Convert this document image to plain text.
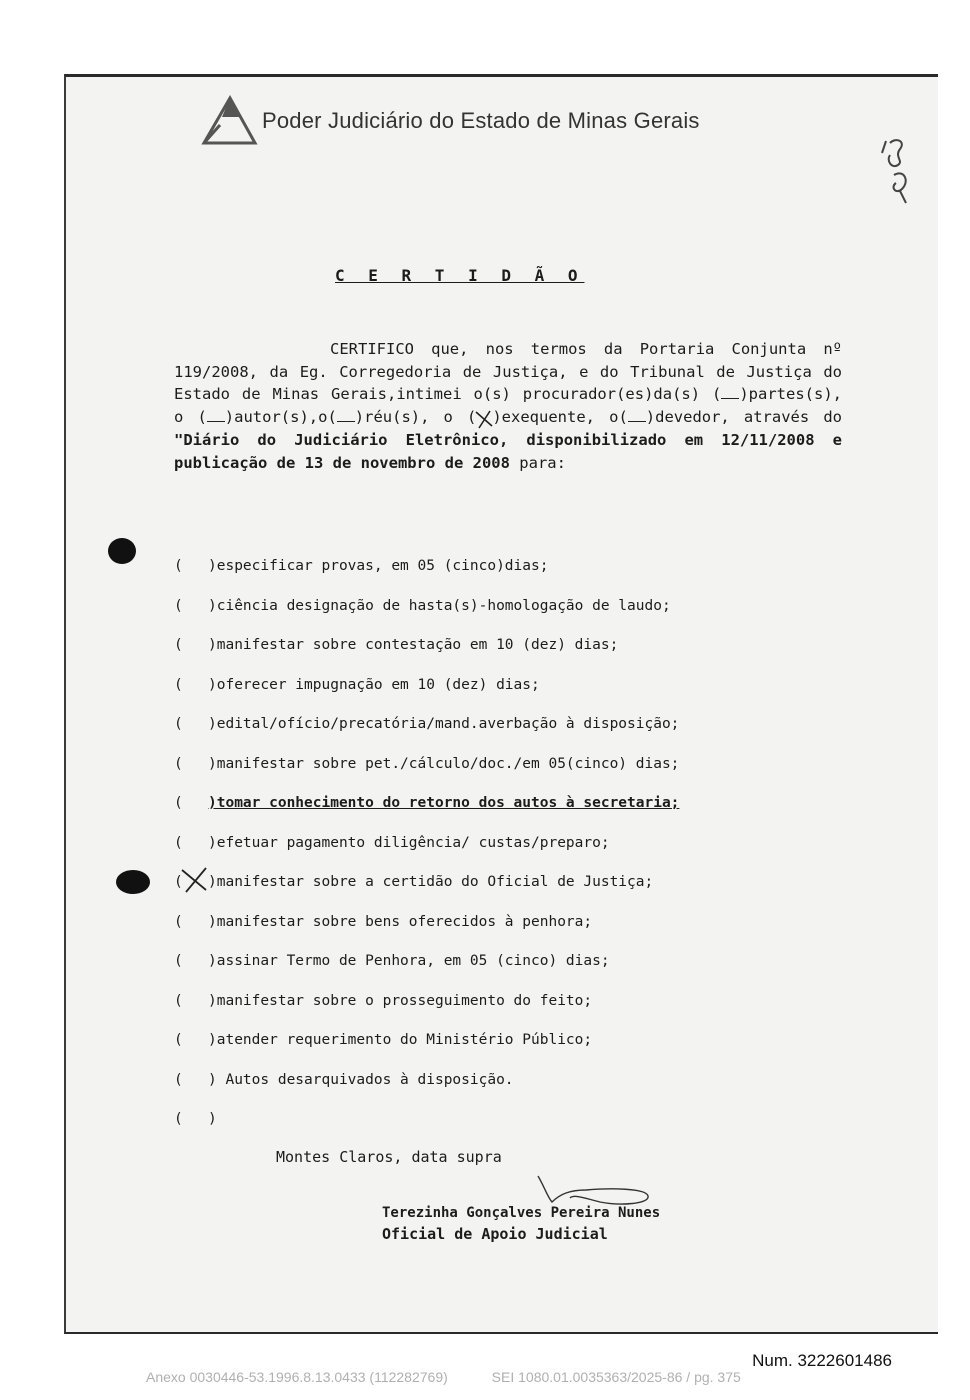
Poder Judiciário do Estado de Minas Gerais
C E R T I D Ã O
CERTIFICO que, nos termos da Portaria Conjunta nº 119/2008, da Eg. Corregedoria de Justiça, e do Tribunal de Justiça do Estado de Minas Gerais,intimei o(s) procurador(es)da(s) ( )partes(s), o ( )autor(s),o( )réu(s), o ( )exequente, o( )devedor, através do "Diário do Judiciário Eletrônico, disponibilizado em 12/11/2008 e publicação de 13 de novembro de 2008 para:
( )especificar provas, em 05 (cinco)dias;
( )ciência designação de hasta(s)-homologação de laudo;
( )manifestar sobre contestação em 10 (dez) dias;
( )oferecer impugnação em 10 (dez) dias;
( )edital/ofício/precatória/mand.averbação à disposição;
( )manifestar sobre pet./cálculo/doc./em 05(cinco) dias;
( )tomar conhecimento do retorno dos autos à secretaria;
( )efetuar pagamento diligência/ custas/preparo;
( )manifestar sobre a certidão do Oficial de Justiça;
( )manifestar sobre bens oferecidos à penhora;
( )assinar Termo de Penhora, em 05 (cinco) dias;
( )manifestar sobre o prosseguimento do feito;
( )atender requerimento do Ministério Público;
( ) Autos desarquivados à disposição.
( )
Montes Claros, data supra
Terezinha Gonçalves Pereira Nunes
Oficial de Apoio Judicial
Num. 3222601486
Anexo 0030446-53.1996.8.13.0433 (112282769)	SEI 1080.01.0035363/2025-86 / pg. 375
